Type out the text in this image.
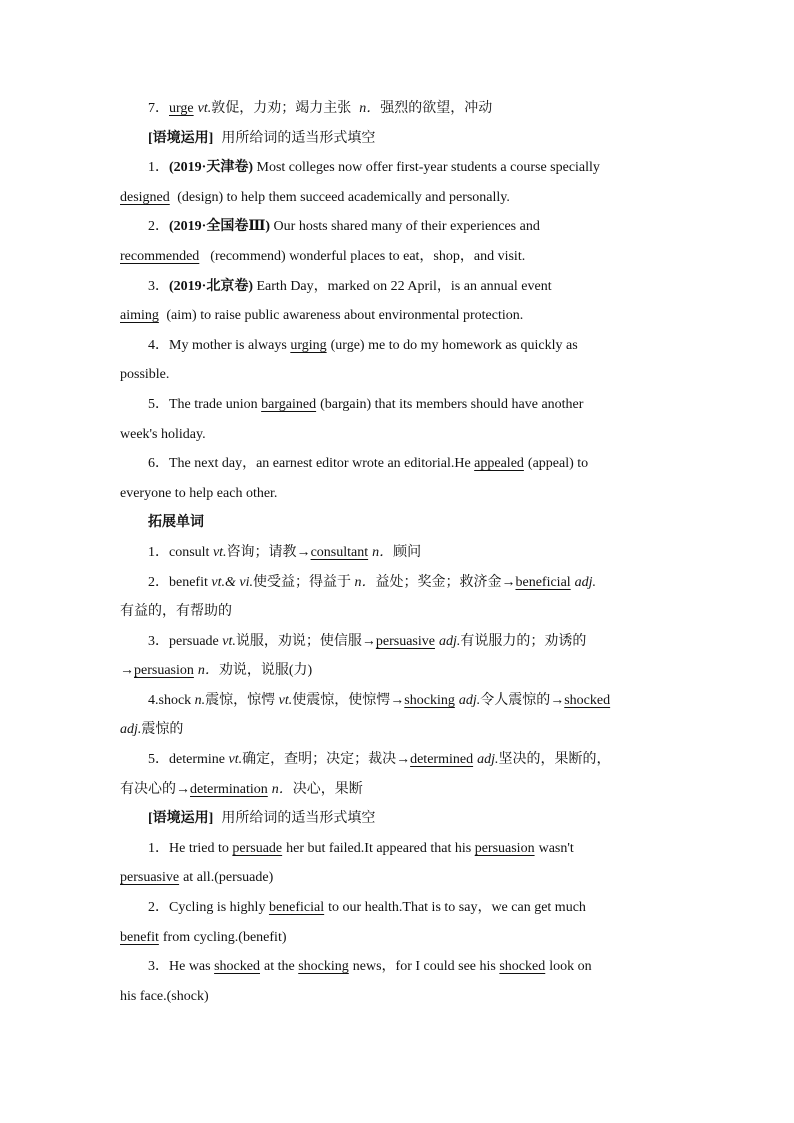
7．urge vt.敦促，力劝；竭力主张 n．强烈的欲望，冲动
[语境运用] 用所给词的适当形式填空
1．(2019·天津卷) Most colleges now offer first-year students a course specially
designed (design) to help them succeed academically and personally.
2．(2019·全国卷Ⅲ) Our hosts shared many of their experiences and
recommended (recommend) wonderful places to eat，shop，and visit.
3．(2019·北京卷) Earth Day，marked on 22 April，is an annual event
aiming (aim) to raise public awareness about environmental protection.
4．My mother is always urging (urge) me to do my homework as quickly as
possible.
5．The trade union bargained (bargain) that its members should have another
week's holiday.
6．The next day，an earnest editor wrote an editorial.He appealed (appeal) to
everyone to help each other.
拓展单词
1．consult vt.咨询；请教→consultant n．顾问
2．benefit vt.& vi.使受益；得益于 n．益处；奖金；救济金→beneficial adj.
有益的，有帮助的
3．persuade vt.说服，劝说；使信服→persuasive adj.有说服力的；劝诱的
→persuasion n．劝说，说服(力)
4.shock n.震惊，惊愕 vt.使震惊，使惊愕→shocking adj.令人震惊的→shocked
adj.震惊的
5．determine vt.确定，查明；决定；裁决→determined adj.坚决的，果断的，
有决心的→determination n．决心，果断
[语境运用] 用所给词的适当形式填空
1．He tried to persuade her but failed.It appeared that his persuasion wasn't
persuasive at all.(persuade)
2．Cycling is highly beneficial to our health.That is to say，we can get much
benefit from cycling.(benefit)
3．He was shocked at the shocking news，for I could see his shocked look on
his face.(shock)
